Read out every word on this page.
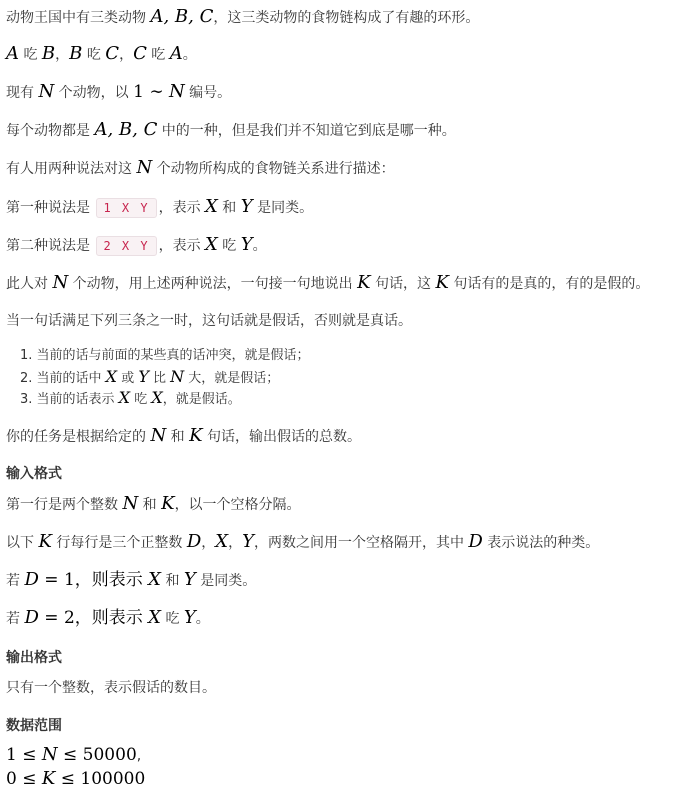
动物王国中有三类动物 A, B, C，这三类动物的食物链构成了有趣的环形。
A 吃 B，B 吃 C，C 吃 A。
现有 N 个动物，以 1 ∼ N 编号。
每个动物都是 A, B, C 中的一种，但是我们并不知道它到底是哪一种。
有人用两种说法对这 N 个动物所构成的食物链关系进行描述：
第一种说法是 1 X Y ，表示 X 和 Y 是同类。
第二种说法是 2 X Y ，表示 X 吃 Y。
此人对 N 个动物，用上述两种说法，一句接一句地说出 K 句话，这 K 句话有的是真的，有的是假的。
当一句话满足下列三条之一时，这句话就是假话，否则就是真话。
1. 当前的话与前面的某些真的话冲突，就是假话；
2. 当前的话中 X 或 Y 比 N 大，就是假话；
3. 当前的话表示 X 吃 X，就是假话。
你的任务是根据给定的 N 和 K 句话，输出假话的总数。
输入格式
第一行是两个整数 N 和 K，以一个空格分隔。
以下 K 行每行是三个正整数 D，X，Y，两数之间用一个空格隔开，其中 D 表示说法的种类。
若 D = 1，则表示 X 和 Y 是同类。
若 D = 2，则表示 X 吃 Y。
输出格式
只有一个整数，表示假话的数目。
数据范围
1 ≤ N ≤ 50000,
0 ≤ K ≤ 100000
